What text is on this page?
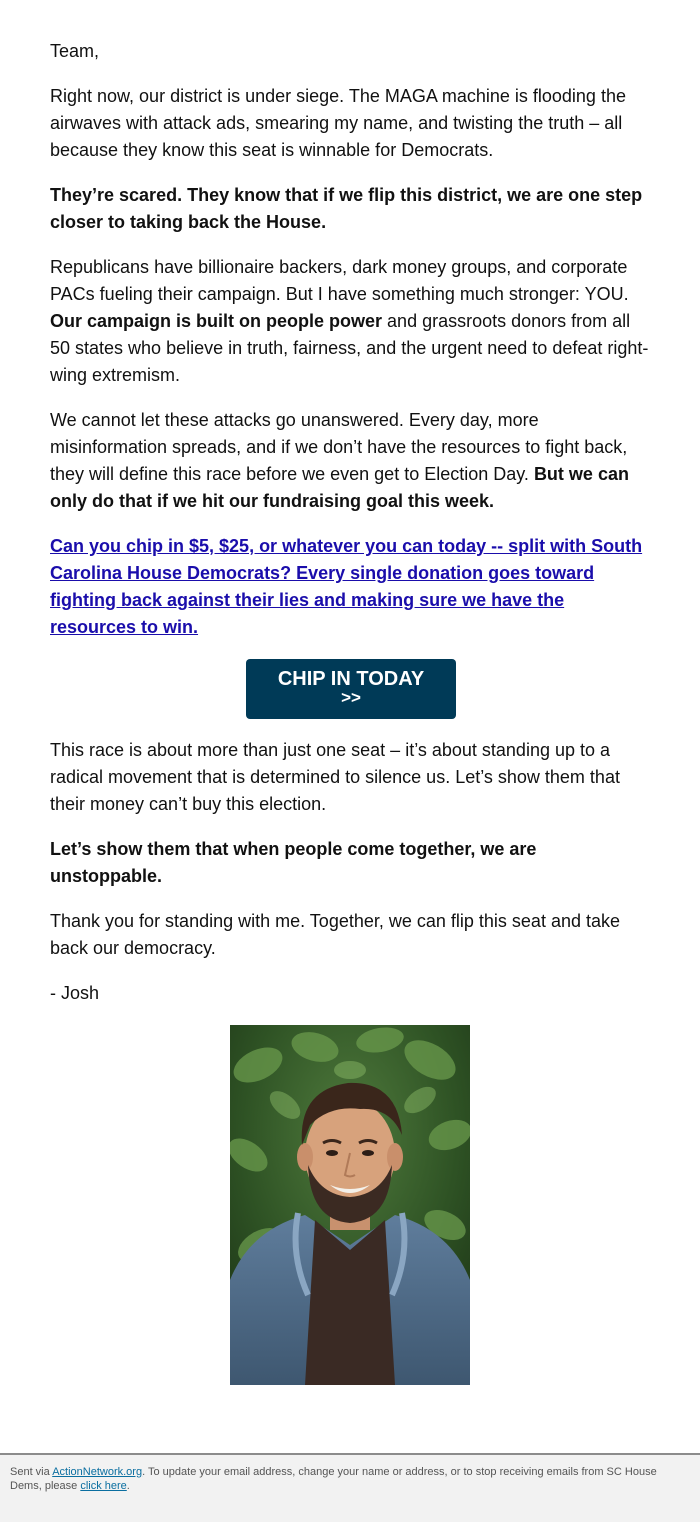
Team,

Right now, our district is under siege. The MAGA machine is flooding the airwaves with attack ads, smearing my name, and twisting the truth – all because they know this seat is winnable for Democrats.

They’re scared. They know that if we flip this district, we are one step closer to taking back the House.

Republicans have billionaire backers, dark money groups, and corporate PACs fueling their campaign. But I have something much stronger: YOU. Our campaign is built on people power and grassroots donors from all 50 states who believe in truth, fairness, and the urgent need to defeat right-wing extremism.

We cannot let these attacks go unanswered. Every day, more misinformation spreads, and if we don’t have the resources to fight back, they will define this race before we even get to Election Day. But we can only do that if we hit our fundraising goal this week.

Can you chip in $5, $25, or whatever you can today -- split with South Carolina House Democrats? Every single donation goes toward fighting back against their lies and making sure we have the resources to win.

CHIP IN TODAY
>>

This race is about more than just one seat – it’s about standing up to a radical movement that is determined to silence us. Let’s show them that their money can’t buy this election.

Let’s show them that when people come together, we are unstoppable.

Thank you for standing with me. Together, we can flip this seat and take back our democracy.

- Josh

Sent via ActionNetwork.org. To update your email address, change your name or address, or to stop receiving emails from SC House Dems, please click here.
